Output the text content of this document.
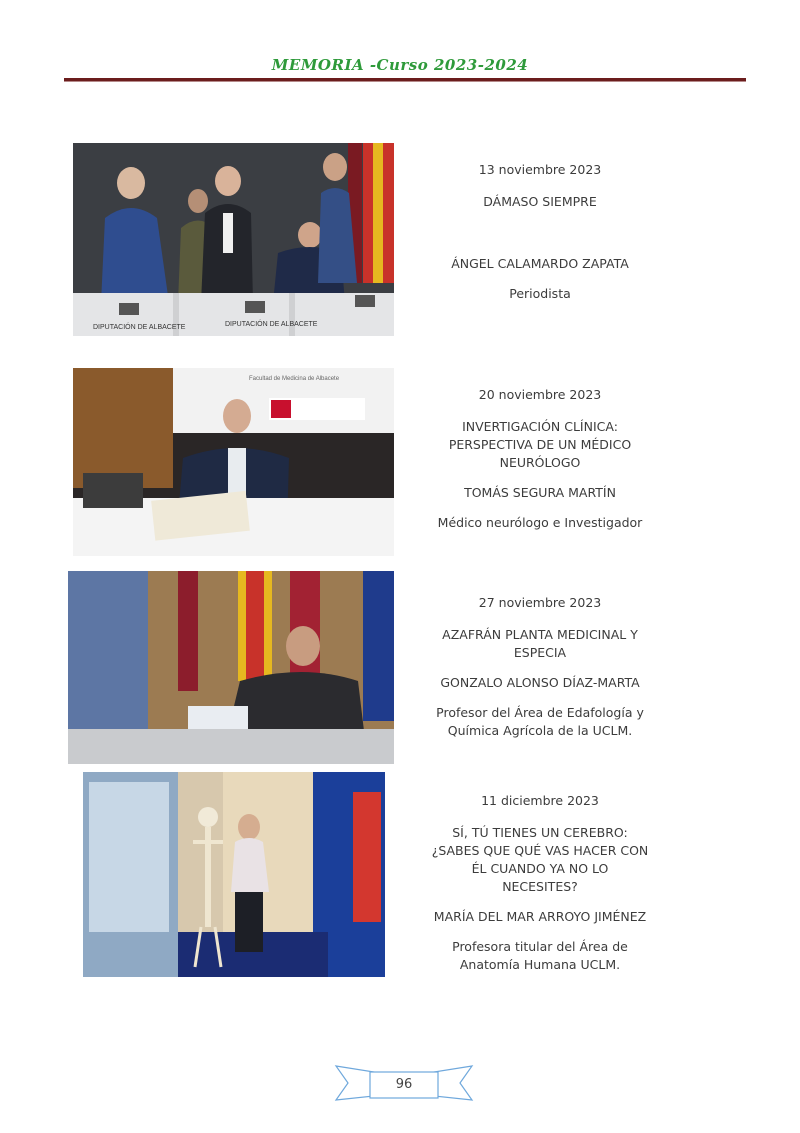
MEMORIA -Curso 2023-2024
DIPUTACIÓN DE ALBACETE	DIPUTACIÓN DE ALBACETE
13 noviembre 2023
DÁMASO SIEMPRE
ÁNGEL CALAMARDO ZAPATA
Periodista
Facultad de Medicina de Albacete
20 noviembre 2023
INVERTIGACIÓN CLÍNICA:
PERSPECTIVA DE UN MÉDICO
NEURÓLOGO
TOMÁS SEGURA MARTÍN
Médico neurólogo e Investigador
27 noviembre 2023
AZAFRÁN PLANTA MEDICINAL Y
ESPECIA
GONZALO ALONSO DÍAZ-MARTA
Profesor del Área de Edafología y
Química Agrícola de la UCLM.
11 diciembre 2023
SÍ, TÚ TIENES UN CEREBRO:
¿SABES QUE QUÉ VAS HACER CON
ÉL CUANDO YA NO LO
NECESITES?
MARÍA DEL MAR ARROYO JIMÉNEZ
Profesora titular del Área de
Anatomía Humana UCLM.
96
